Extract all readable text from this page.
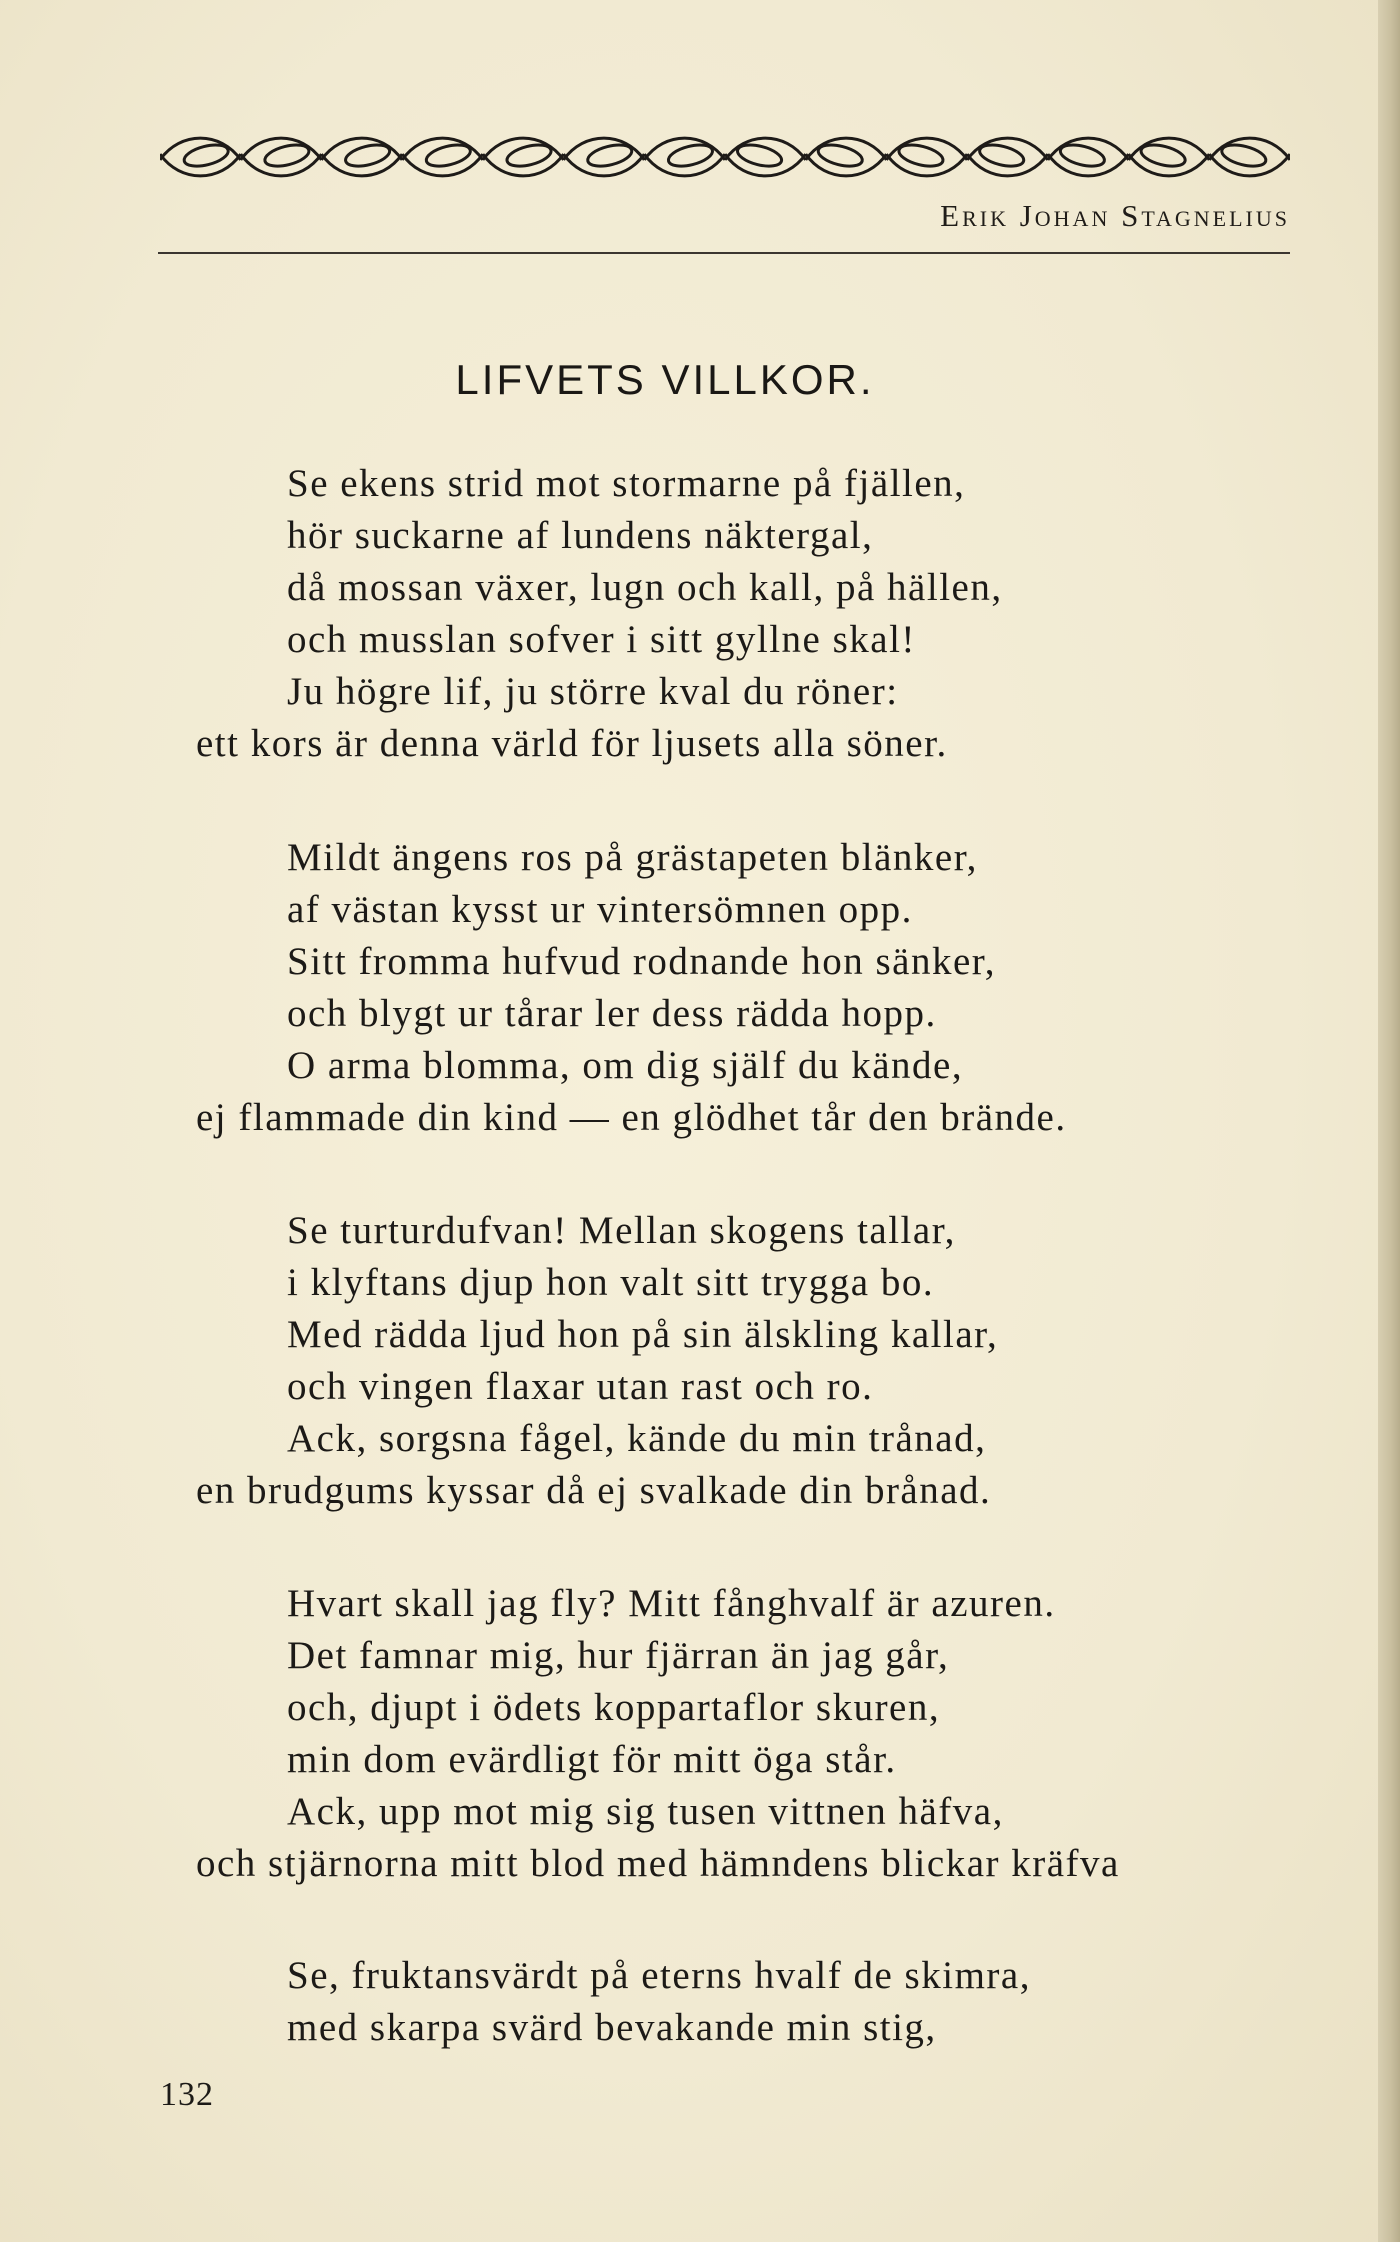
Erik Johan Stagnelius
LIFVETS VILLKOR.
Se ekens strid mot stormarne på fjällen,
hör suckarne af lundens näktergal,
då mossan växer, lugn och kall, på hällen,
och musslan sofver i sitt gyllne skal!
Ju högre lif, ju större kval du röner:
ett kors är denna värld för ljusets alla söner.
Mildt ängens ros på grästapeten blänker,
af västan kysst ur vintersömnen opp.
Sitt fromma hufvud rodnande hon sänker,
och blygt ur tårar ler dess rädda hopp.
O arma blomma, om dig själf du kände,
ej flammade din kind — en glödhet tår den brände.
Se turturdufvan! Mellan skogens tallar,
i klyftans djup hon valt sitt trygga bo.
Med rädda ljud hon på sin älskling kallar,
och vingen flaxar utan rast och ro.
Ack, sorgsna fågel, kände du min trånad,
en brudgums kyssar då ej svalkade din brånad.
Hvart skall jag fly? Mitt fånghvalf är azuren.
Det famnar mig, hur fjärran än jag går,
och, djupt i ödets koppartaflor skuren,
min dom evärdligt för mitt öga står.
Ack, upp mot mig sig tusen vittnen häfva,
och stjärnorna mitt blod med hämndens blickar kräfva
Se, fruktansvärdt på eterns hvalf de skimra,
med skarpa svärd bevakande min stig,
132
